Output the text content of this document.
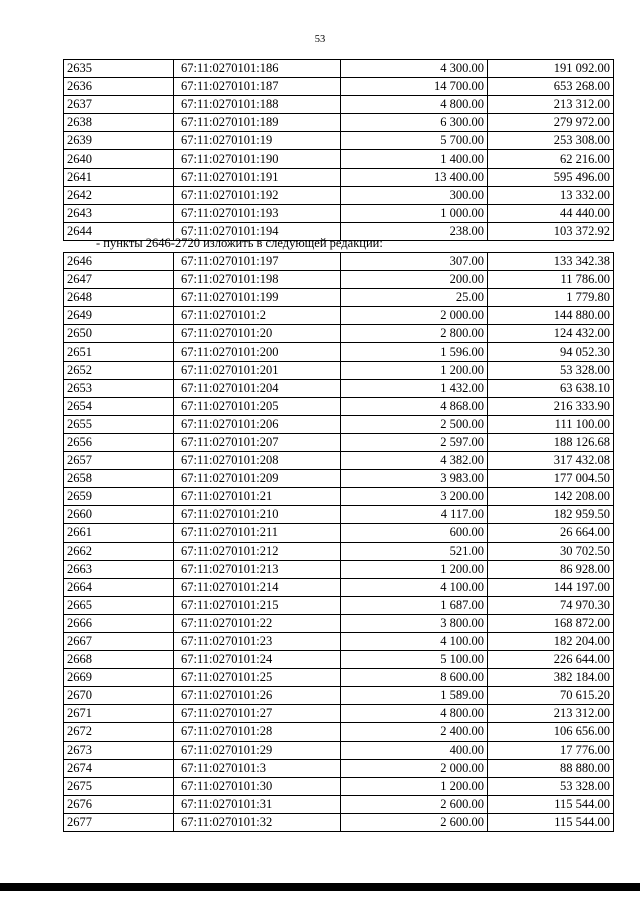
53
2635	67:11:0270101:186	4 300.00	191 092.00
2636	67:11:0270101:187	14 700.00	653 268.00
2637	67:11:0270101:188	4 800.00	213 312.00
2638	67:11:0270101:189	6 300.00	279 972.00
2639	67:11:0270101:19	5 700.00	253 308.00
2640	67:11:0270101:190	1 400.00	62 216.00
2641	67:11:0270101:191	13 400.00	595 496.00
2642	67:11:0270101:192	300.00	13 332.00
2643	67:11:0270101:193	1 000.00	44 440.00
2644	67:11:0270101:194	238.00	103 372.92
- пункты 2646-2720 изложить в следующей редакции:
2646	67:11:0270101:197	307.00	133 342.38
2647	67:11:0270101:198	200.00	11 786.00
2648	67:11:0270101:199	25.00	1 779.80
2649	67:11:0270101:2	2 000.00	144 880.00
2650	67:11:0270101:20	2 800.00	124 432.00
2651	67:11:0270101:200	1 596.00	94 052.30
2652	67:11:0270101:201	1 200.00	53 328.00
2653	67:11:0270101:204	1 432.00	63 638.10
2654	67:11:0270101:205	4 868.00	216 333.90
2655	67:11:0270101:206	2 500.00	111 100.00
2656	67:11:0270101:207	2 597.00	188 126.68
2657	67:11:0270101:208	4 382.00	317 432.08
2658	67:11:0270101:209	3 983.00	177 004.50
2659	67:11:0270101:21	3 200.00	142 208.00
2660	67:11:0270101:210	4 117.00	182 959.50
2661	67:11:0270101:211	600.00	26 664.00
2662	67:11:0270101:212	521.00	30 702.50
2663	67:11:0270101:213	1 200.00	86 928.00
2664	67:11:0270101:214	4 100.00	144 197.00
2665	67:11:0270101:215	1 687.00	74 970.30
2666	67:11:0270101:22	3 800.00	168 872.00
2667	67:11:0270101:23	4 100.00	182 204.00
2668	67:11:0270101:24	5 100.00	226 644.00
2669	67:11:0270101:25	8 600.00	382 184.00
2670	67:11:0270101:26	1 589.00	70 615.20
2671	67:11:0270101:27	4 800.00	213 312.00
2672	67:11:0270101:28	2 400.00	106 656.00
2673	67:11:0270101:29	400.00	17 776.00
2674	67:11:0270101:3	2 000.00	88 880.00
2675	67:11:0270101:30	1 200.00	53 328.00
2676	67:11:0270101:31	2 600.00	115 544.00
2677	67:11:0270101:32	2 600.00	115 544.00
